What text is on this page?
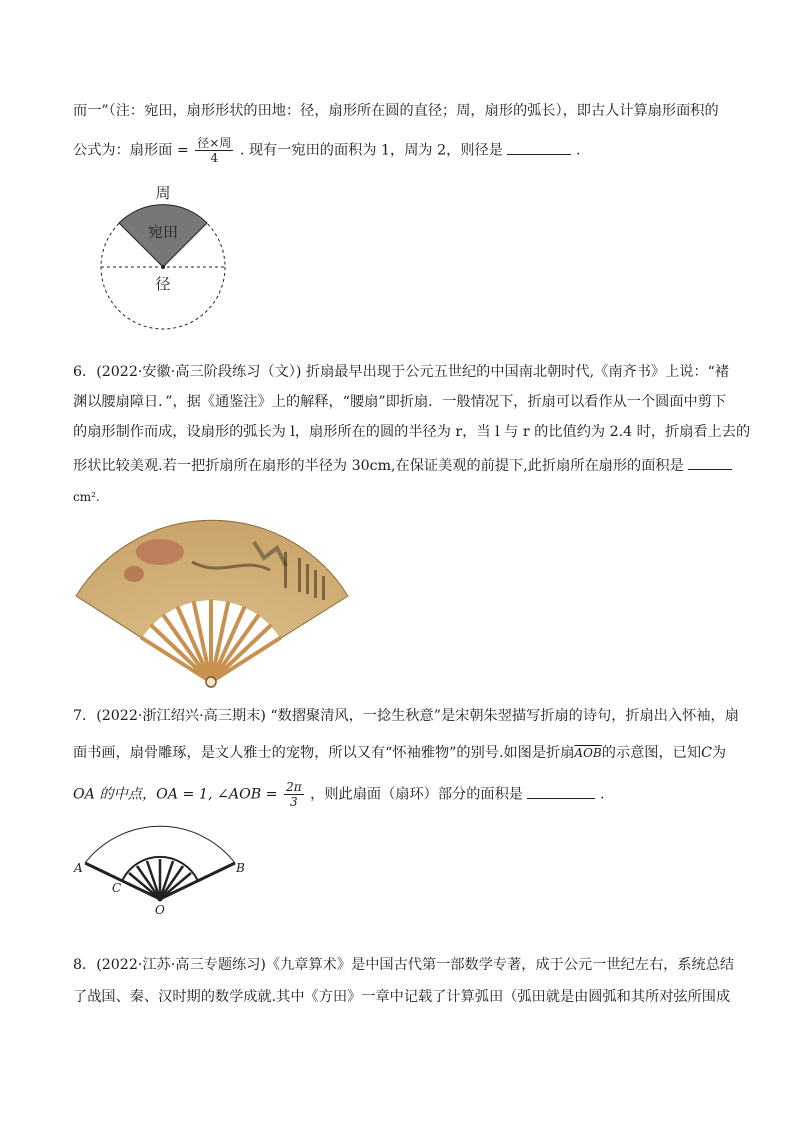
而一”（注：宛田，扇形形状的田地：径，扇形所在圆的直径；周，扇形的弧长），即古人计算扇形面积的
公式为：扇形面 = $\frac{\text{径×周}}{4}$ . 现有一宛田的面积为 1，周为 2，则径是	.
周
宛田
径
6．(2022·安徽·高三阶段练习（文）) 折扇最早出现于公元五世纪的中国南北朝时代,《南齐书》上说：“褚
渊以腰扇障日．”，据《通鉴注》上的解释，“腰扇”即折扇．一般情况下，折扇可以看作从一个圆面中剪下
的扇形制作而成，设扇形的弧长为 l，扇形所在的圆的半径为 r，当 l 与 r 的比值约为 2.4 时，折扇看上去的
形状比较美观.若一把折扇所在扇形的半径为 30cm,在保证美观的前提下,此折扇所在扇形的面积是
cm².
7．(2022·浙江绍兴·高三期末) “数摺聚清风，一捻生秋意”是宋朝朱翌描写折扇的诗句，折扇出入怀袖，扇
面书画，扇骨雕琢，是文人雅士的宠物，所以又有“怀袖雅物”的别号.如图是折扇$\overline{AOB}$的示意图，已知C为
OA 的中点，OA = 1, ∠AOB = $\frac{2\pi}{3}$ ，则此扇面（扇环）部分的面积是	.
A	B
C
O
8．(2022·江苏·高三专题练习)《九章算术》是中国古代第一部数学专著，成于公元一世纪左右，系统总结
了战国、秦、汉时期的数学成就.其中《方田》一章中记载了计算弧田（弧田就是由圆弧和其所对弦所围成
